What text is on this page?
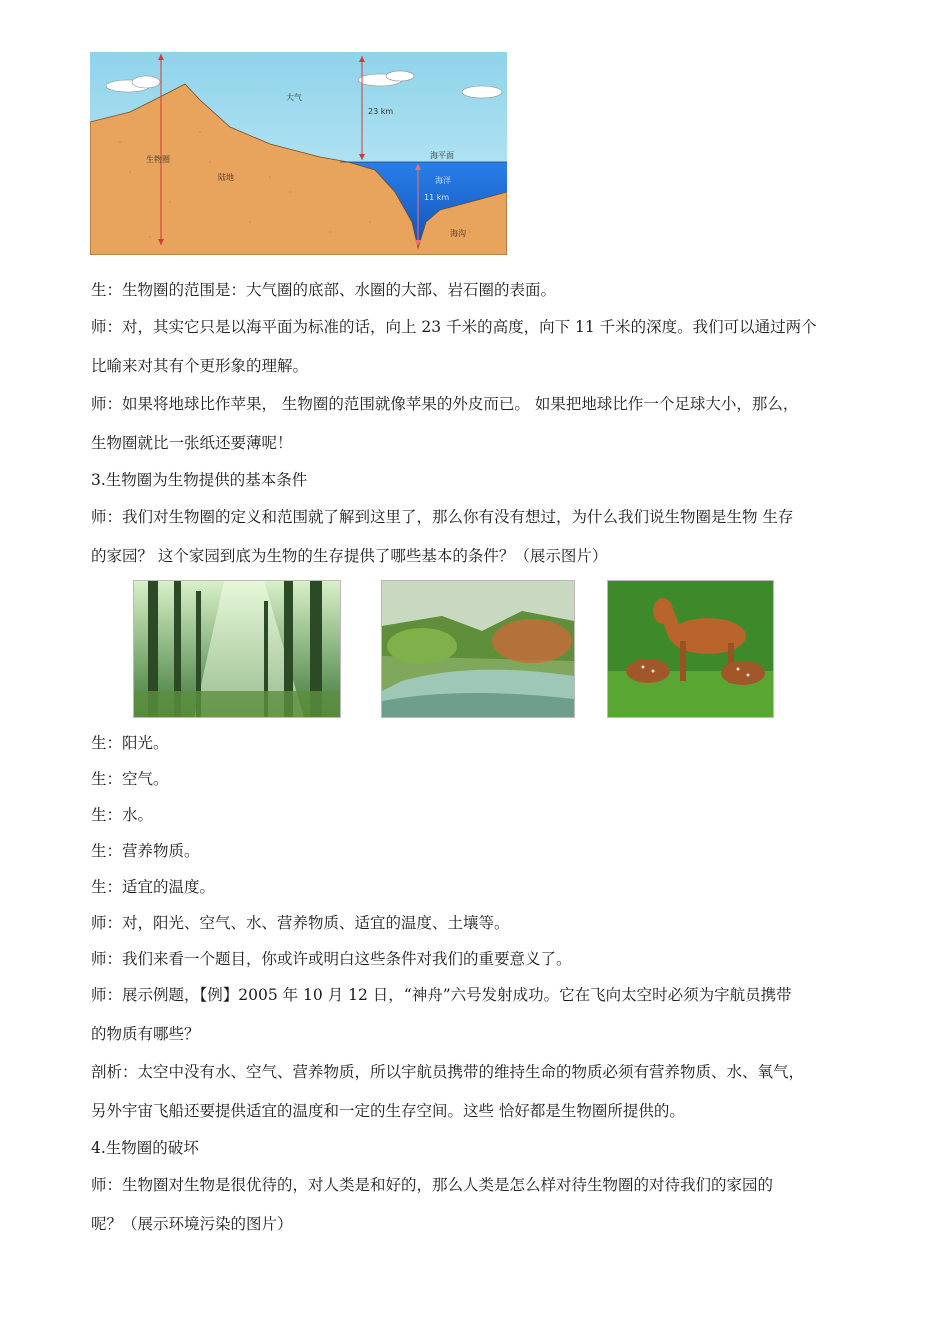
大气
23 km
生物圈
陆地
海平面
海洋
11 km
海沟
生：生物圈的范围是：大气圈的底部、水圈的大部、岩石圈的表面。
师：对，其实它只是以海平面为标准的话，向上 23 千米的高度，向下 11 千米的深度。我们可以通过两个
比喻来对其有个更形象的理解。
师：如果将地球比作苹果， 生物圈的范围就像苹果的外皮而已。 如果把地球比作一个足球大小，那么，
生物圈就比一张纸还要薄呢！
3.生物圈为生物提供的基本条件
师：我们对生物圈的定义和范围就了解到这里了，那么你有没有想过，为什么我们说生物圈是生物 生存
的家园？ 这个家园到底为生物的生存提供了哪些基本的条件？（展示图片）
生：阳光。
生：空气。
生：水。
生：营养物质。
生：适宜的温度。
师：对，阳光、空气、水、营养物质、适宜的温度、土壤等。
师：我们来看一个题目，你或许或明白这些条件对我们的重要意义了。
师：展示例题，【例】2005 年 10 月 12 日，“神舟”六号发射成功。它在飞向太空时必须为宇航员携带
的物质有哪些？
剖析：太空中没有水、空气、营养物质，所以宇航员携带的维持生命的物质必须有营养物质、水、氧气，
另外宇宙飞船还要提供适宜的温度和一定的生存空间。这些 恰好都是生物圈所提供的。
4.生物圈的破坏
师：生物圈对生物是很优待的，对人类是和好的，那么人类是怎么样对待生物圈的对待我们的家园的
呢？（展示环境污染的图片）
